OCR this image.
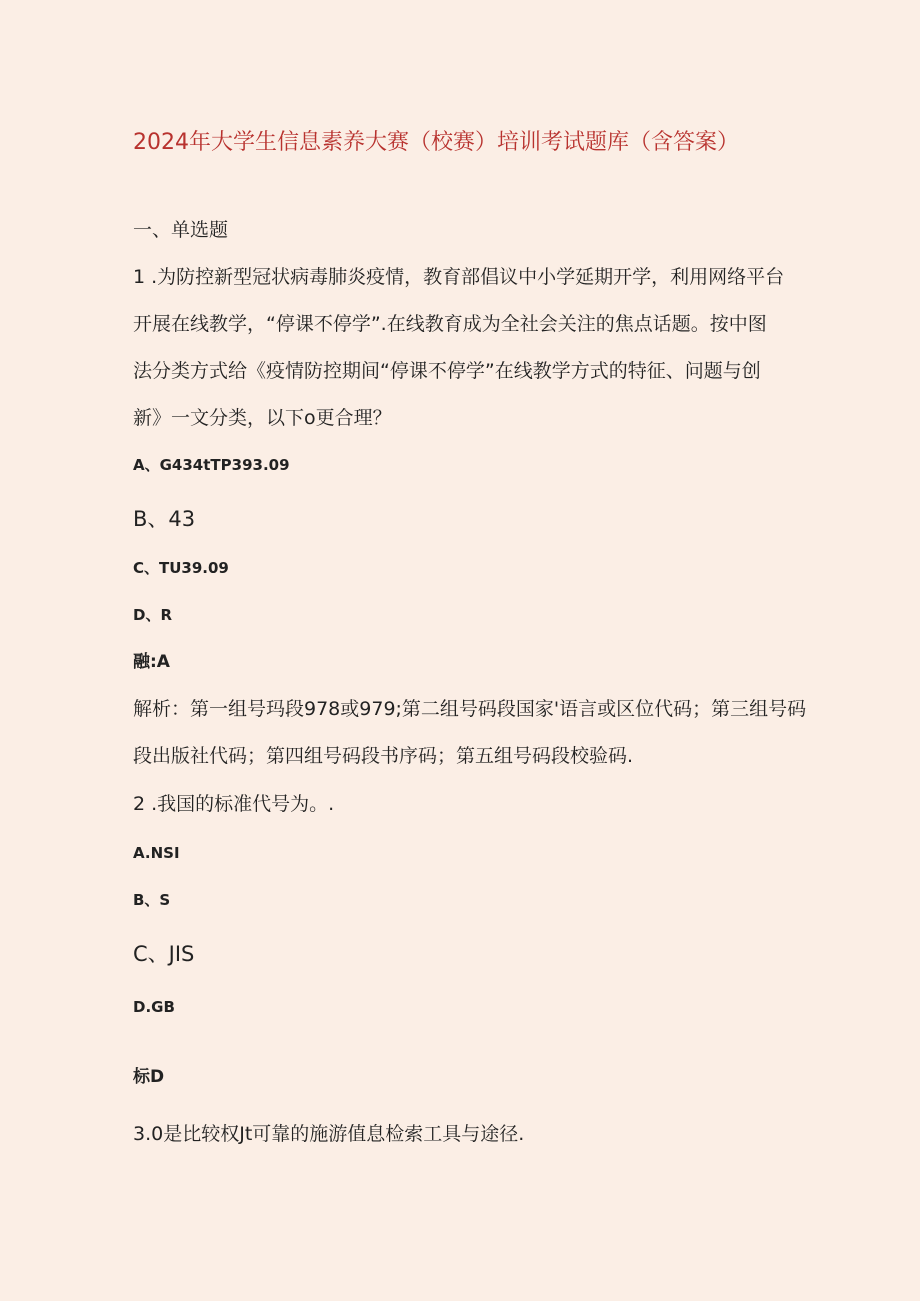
2024年大学生信息素养大赛（校赛）培训考试题库（含答案）
一、单选题
1 .为防控新型冠状病毒肺炎疫情，教育部倡议中小学延期开学，利用网络平台
开展在线教学，“停课不停学”.在线教育成为全社会关注的焦点话题。按中图
法分类方式给《疫情防控期间“停课不停学”在线教学方式的特征、问题与创
新》一文分类，以下o更合理？
A、G434tTP393.09
B、43
C、TU39.09
D、R
融:A
解析：第一组号玛段978或979;第二组号码段国家'语言或区位代码；第三组号码
段出版社代码；第四组号码段书序码；第五组号码段校验码.
2 .我国的标准代号为。.
A.NSI
B、S
C、JIS
D.GB
标D
3.0是比较权Jt可靠的施游值息检索工具与途径.
